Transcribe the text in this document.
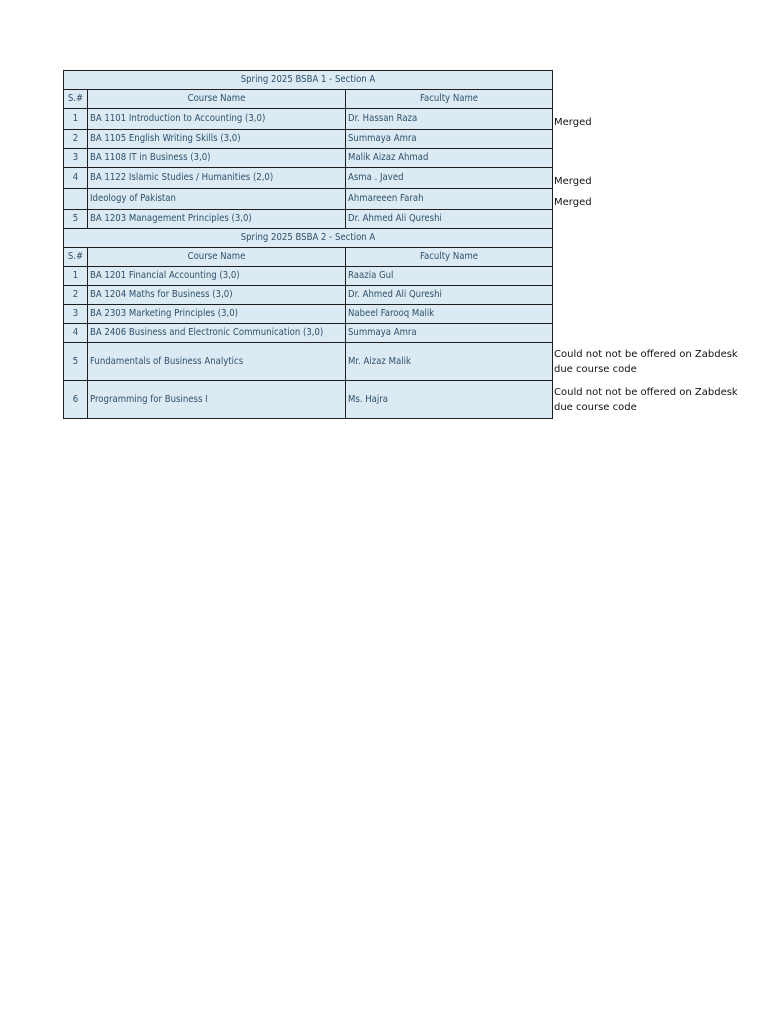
Spring 2025 BSBA 1 - Section A			
S.#	Course Name	Faculty Name	
1	BA 1101 Introduction to Accounting (3,0)	Dr. Hassan Raza	Merged
2	BA 1105 English Writing Skills (3,0)	Summaya Amra	
3	BA 1108 IT in Business (3,0)	Malik Aizaz Ahmad	
4	BA 1122 Islamic Studies / Humanities (2,0)	Asma . Javed	Merged
	Ideology of Pakistan	Ahmareeen Farah	Merged
5	BA 1203 Management Principles (3,0)	Dr. Ahmed Ali Qureshi	
Spring 2025 BSBA 2 - Section A			
S.#	Course Name	Faculty Name	
1	BA 1201 Financial Accounting (3,0)	Raazia Gul	
2	BA 1204 Maths for Business (3,0)	Dr. Ahmed Ali Qureshi	
3	BA 2303 Marketing Principles (3,0)	Nabeel Farooq Malik	
4	BA 2406 Business and Electronic Communication (3,0)	Summaya Amra	
5	Fundamentals of Business Analytics	Mr. Aizaz Malik	Could not not be offered on Zabdesk due course code
6	Programming for Business I	Ms. Hajra	Could not not be offered on Zabdesk due course code
